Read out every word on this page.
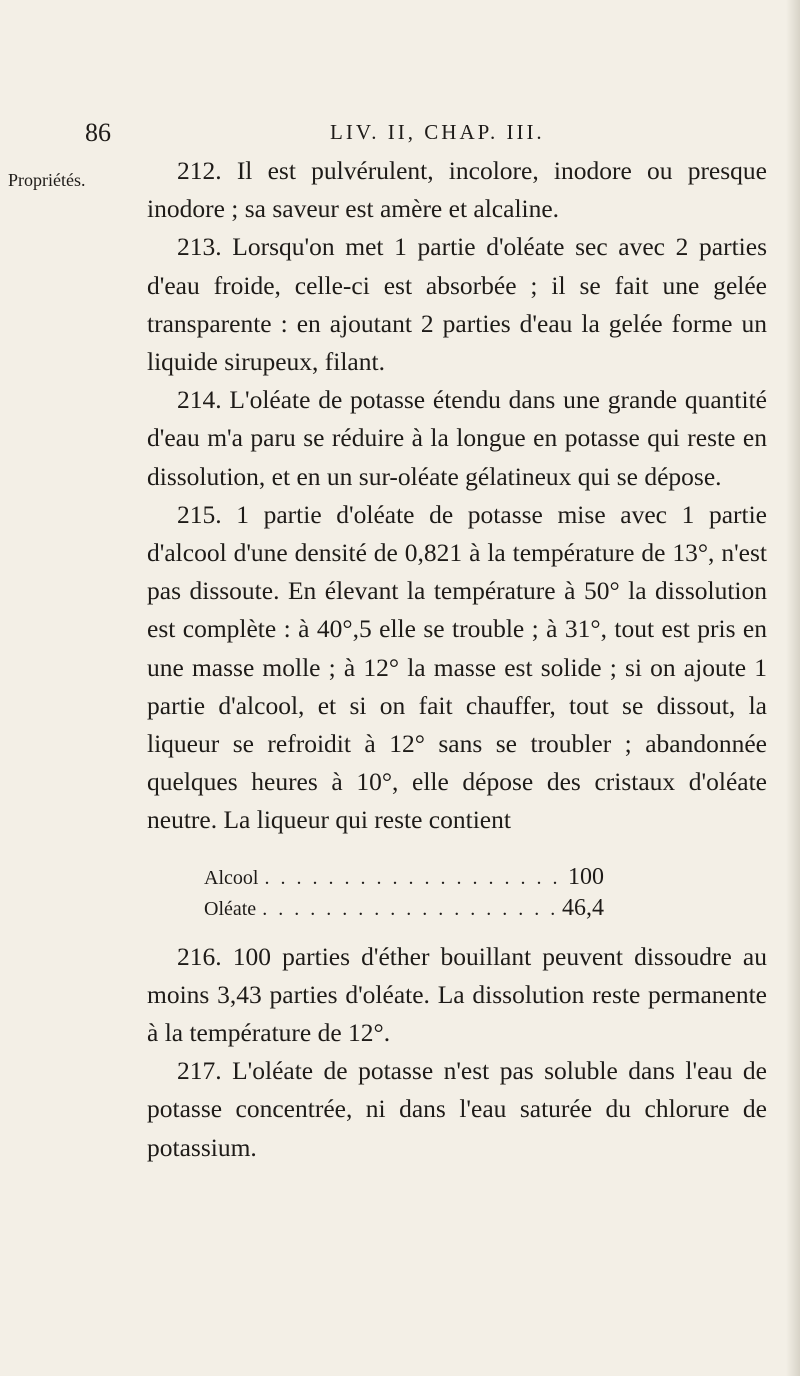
86	LIV. II, CHAP. III.
Propriétés.	212. Il est pulvérulent, incolore, inodore ou presque inodore ; sa saveur est amère et alcaline.

213. Lorsqu'on met 1 partie d'oléate sec avec 2 parties d'eau froide, celle-ci est absorbée ; il se fait une gelée transparente : en ajoutant 2 parties d'eau la gelée forme un liquide sirupeux, filant.

214. L'oléate de potasse étendu dans une grande quantité d'eau m'a paru se réduire à la longue en potasse qui reste en dissolution, et en un sur-oléate gélatineux qui se dépose.

215. 1 partie d'oléate de potasse mise avec 1 partie d'alcool d'une densité de 0,821 à la température de 13°, n'est pas dissoute. En élevant la température à 50° la dissolution est complète : à 40°,5 elle se trouble ; à 31°, tout est pris en une masse molle ; à 12° la masse est solide ; si on ajoute 1 partie d'alcool, et si on fait chauffer, tout se dissout, la liqueur se refroidit à 12° sans se troubler ; abandonnée quelques heures à 10°, elle dépose des cristaux d'oléate neutre. La liqueur qui reste contient

Alcool . . .	100
Oléate . . .	46,4

216. 100 parties d'éther bouillant peuvent dissoudre au moins 3,43 parties d'oléate. La dissolution reste permanente à la température de 12°.

217. L'oléate de potasse n'est pas soluble dans l'eau de potasse concentrée, ni dans l'eau saturée du chlorure de potassium.
